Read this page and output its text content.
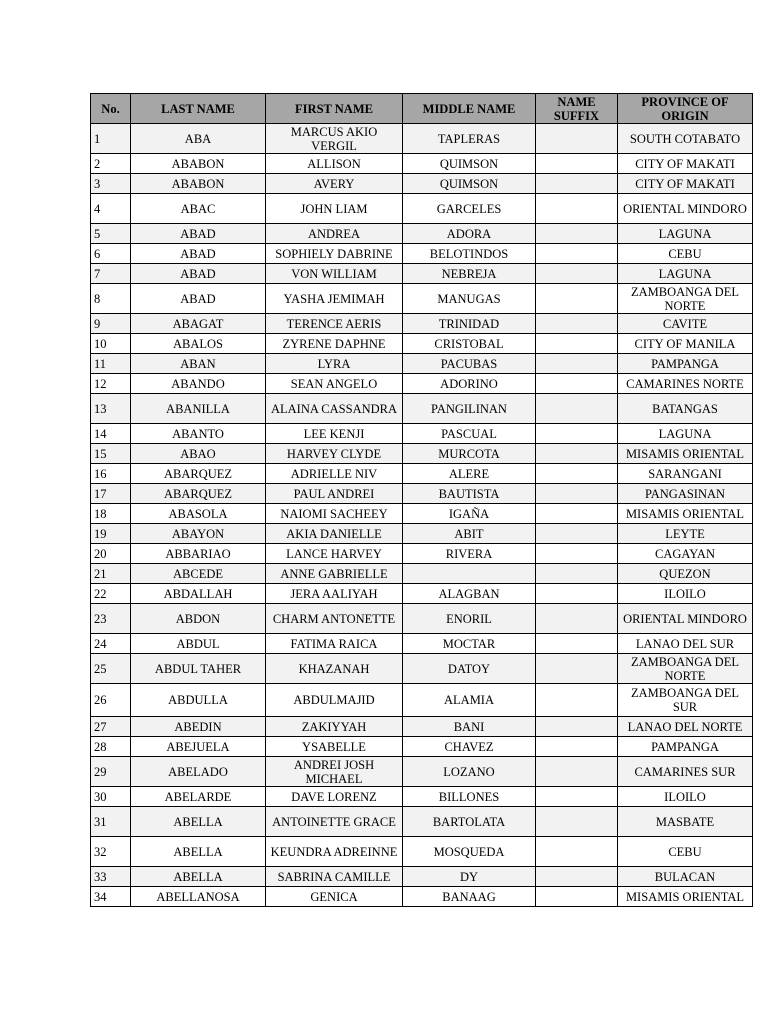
No.	LAST NAME	FIRST NAME	MIDDLE NAME	NAME SUFFIX	PROVINCE OF ORIGIN
1	ABA	MARCUS AKIO VERGIL	TAPLERAS		SOUTH COTABATO
2	ABABON	ALLISON	QUIMSON		CITY OF MAKATI
3	ABABON	AVERY	QUIMSON		CITY OF MAKATI
4	ABAC	JOHN LIAM	GARCELES		ORIENTAL MINDORO
5	ABAD	ANDREA	ADORA		LAGUNA
6	ABAD	SOPHIELY DABRINE	BELOTINDOS		CEBU
7	ABAD	VON WILLIAM	NEBREJA		LAGUNA
8	ABAD	YASHA JEMIMAH	MANUGAS		ZAMBOANGA DEL NORTE
9	ABAGAT	TERENCE AERIS	TRINIDAD		CAVITE
10	ABALOS	ZYRENE DAPHNE	CRISTOBAL		CITY OF MANILA
11	ABAN	LYRA	PACUBAS		PAMPANGA
12	ABANDO	SEAN ANGELO	ADORINO		CAMARINES NORTE
13	ABANILLA	ALAINA CASSANDRA	PANGILINAN		BATANGAS
14	ABANTO	LEE KENJI	PASCUAL		LAGUNA
15	ABAO	HARVEY CLYDE	MURCOTA		MISAMIS ORIENTAL
16	ABARQUEZ	ADRIELLE NIV	ALERE		SARANGANI
17	ABARQUEZ	PAUL ANDREI	BAUTISTA		PANGASINAN
18	ABASOLA	NAIOMI SACHEEY	IGAÑA		MISAMIS ORIENTAL
19	ABAYON	AKIA DANIELLE	ABIT		LEYTE
20	ABBARIAO	LANCE HARVEY	RIVERA		CAGAYAN
21	ABCEDE	ANNE GABRIELLE			QUEZON
22	ABDALLAH	JERA AALIYAH	ALAGBAN		ILOILO
23	ABDON	CHARM ANTONETTE	ENORIL		ORIENTAL MINDORO
24	ABDUL	FATIMA RAICA	MOCTAR		LANAO DEL SUR
25	ABDUL TAHER	KHAZANAH	DATOY		ZAMBOANGA DEL NORTE
26	ABDULLA	ABDULMAJID	ALAMIA		ZAMBOANGA DEL SUR
27	ABEDIN	ZAKIYYAH	BANI		LANAO DEL NORTE
28	ABEJUELA	YSABELLE	CHAVEZ		PAMPANGA
29	ABELADO	ANDREI JOSH MICHAEL	LOZANO		CAMARINES SUR
30	ABELARDE	DAVE LORENZ	BILLONES		ILOILO
31	ABELLA	ANTOINETTE GRACE	BARTOLATA		MASBATE
32	ABELLA	KEUNDRA ADREINNE	MOSQUEDA		CEBU
33	ABELLA	SABRINA CAMILLE	DY		BULACAN
34	ABELLANOSA	GENICA	BANAAG		MISAMIS ORIENTAL
